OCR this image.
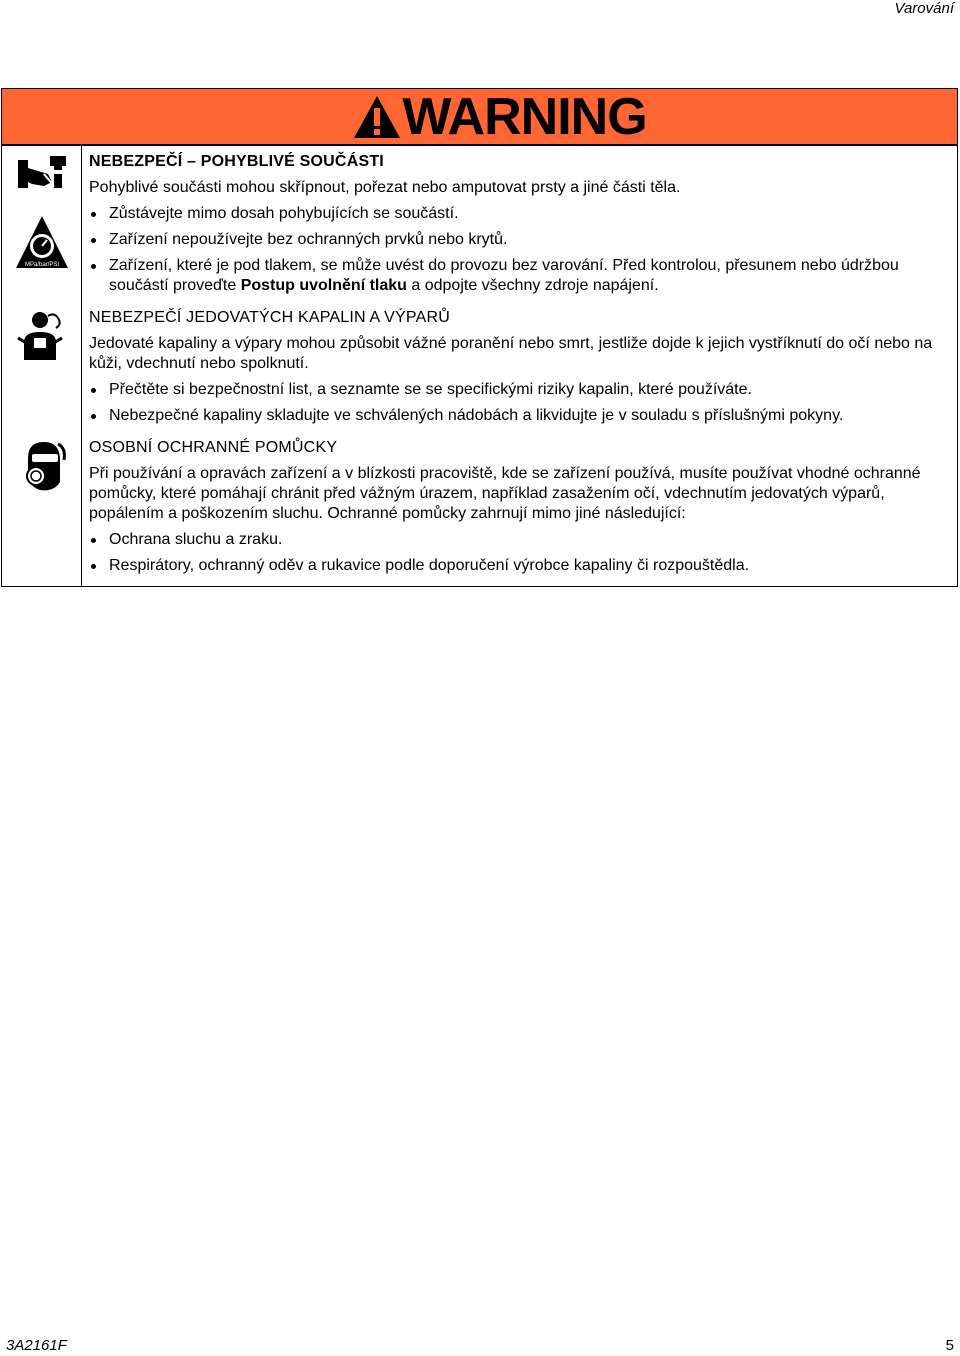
Varování
WARNING
MPa/bar/PSI
NEBEZPEČÍ – POHYBLIVÉ SOUČÁSTI
Pohyblivé součásti mohou skřípnout, pořezat nebo amputovat prsty a jiné části těla.
Zůstávejte mimo dosah pohybujících se součástí.
Zařízení nepoužívejte bez ochranných prvků nebo krytů.
Zařízení, které je pod tlakem, se může uvést do provozu bez varování. Před kontrolou, přesunem nebo údržbou součástí proveďte Postup uvolnění tlaku a odpojte všechny zdroje napájení.
NEBEZPEČÍ JEDOVATÝCH KAPALIN A VÝPARŮ
Jedovaté kapaliny a výpary mohou způsobit vážné poranění nebo smrt, jestliže dojde k jejich vystříknutí do očí nebo na kůži, vdechnutí nebo spolknutí.
Přečtěte si bezpečnostní list, a seznamte se se specifickými riziky kapalin, které používáte.
Nebezpečné kapaliny skladujte ve schválených nádobách a likvidujte je v souladu s příslušnými pokyny.
OSOBNÍ OCHRANNÉ POMŮCKY
Při používání a opravách zařízení a v blízkosti pracoviště, kde se zařízení používá, musíte používat vhodné ochranné pomůcky, které pomáhají chránit před vážným úrazem, například zasažením očí, vdechnutím jedovatých výparů, popálením a poškozením sluchu. Ochranné pomůcky zahrnují mimo jiné následující:
Ochrana sluchu a zraku.
Respirátory, ochranný oděv a rukavice podle doporučení výrobce kapaliny či rozpouštědla.
3A2161F	5
